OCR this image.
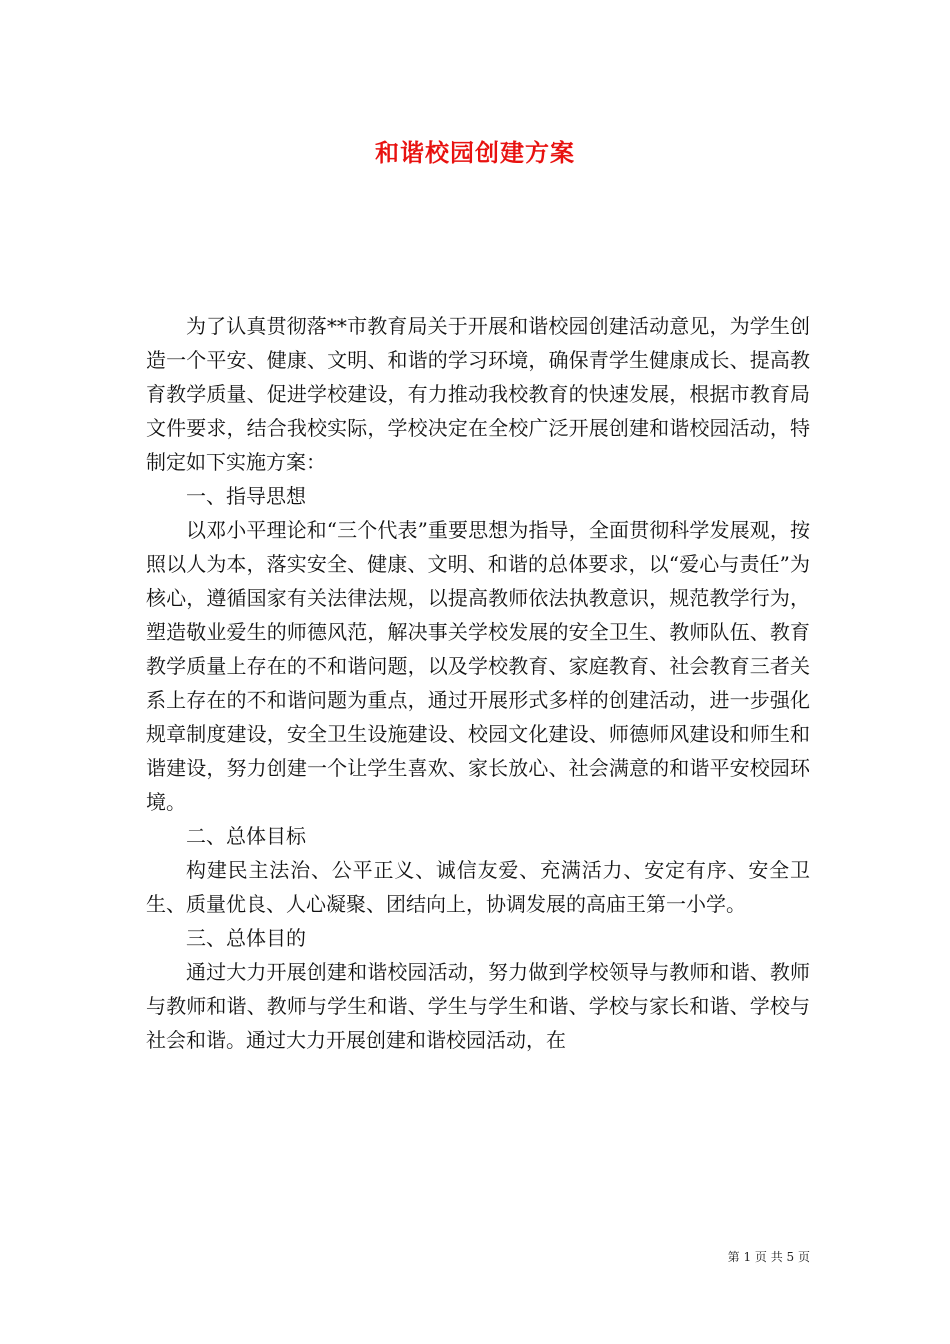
和谐校园创建方案

为了认真贯彻落**市教育局关于开展和谐校园创建活动意见，为学生创造一个平安、健康、文明、和谐的学习环境，确保青学生健康成长、提高教育教学质量、促进学校建设，有力推动我校教育的快速发展，根据市教育局文件要求，结合我校实际，学校决定在全校广泛开展创建和谐校园活动，特制定如下实施方案：

一、指导思想

以邓小平理论和“三个代表”重要思想为指导，全面贯彻科学发展观，按照以人为本，落实安全、健康、文明、和谐的总体要求，以“爱心与责任”为核心，遵循国家有关法律法规，以提高教师依法执教意识，规范教学行为，塑造敬业爱生的师德风范，解决事关学校发展的安全卫生、教师队伍、教育教学质量上存在的不和谐问题，以及学校教育、家庭教育、社会教育三者关系上存在的不和谐问题为重点，通过开展形式多样的创建活动，进一步强化规章制度建设，安全卫生设施建设、校园文化建设、师德师风建设和师生和谐建设，努力创建一个让学生喜欢、家长放心、社会满意的和谐平安校园环境。

二、总体目标

构建民主法治、公平正义、诚信友爱、充满活力、安定有序、安全卫生、质量优良、人心凝聚、团结向上，协调发展的高庙王第一小学。

三、总体目的

通过大力开展创建和谐校园活动，努力做到学校领导与教师和谐、教师与教师和谐、教师与学生和谐、学生与学生和谐、学校与家长和谐、学校与社会和谐。通过大力开展创建和谐校园活动，在

第 1 页 共 5 页
